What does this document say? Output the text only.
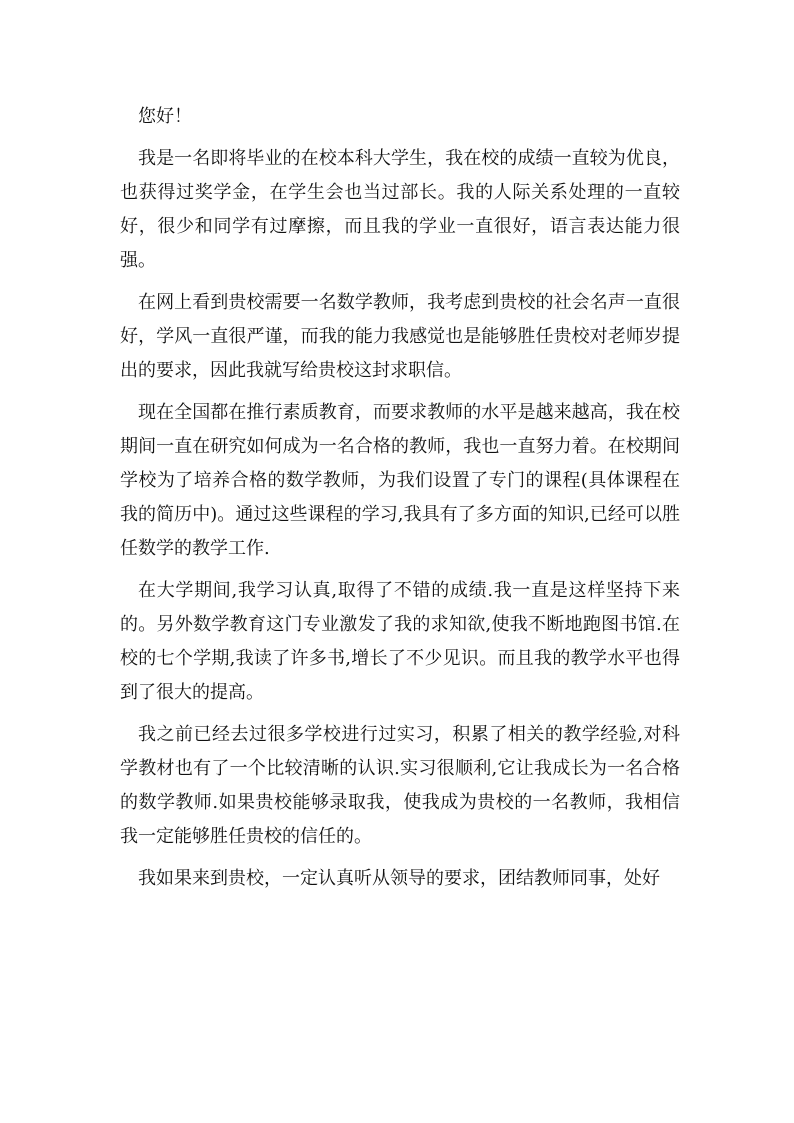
您好！

我是一名即将毕业的在校本科大学生，我在校的成绩一直较为优良，也获得过奖学金，在学生会也当过部长。我的人际关系处理的一直较好，很少和同学有过摩擦，而且我的学业一直很好，语言表达能力很强。

在网上看到贵校需要一名数学教师，我考虑到贵校的社会名声一直很好，学风一直很严谨，而我的能力我感觉也是能够胜任贵校对老师岁提出的要求，因此我就写给贵校这封求职信。

现在全国都在推行素质教育，而要求教师的水平是越来越高，我在校期间一直在研究如何成为一名合格的教师，我也一直努力着。在校期间学校为了培养合格的数学教师，为我们设置了专门的课程(具体课程在我的简历中)。通过这些课程的学习,我具有了多方面的知识,已经可以胜任数学的教学工作.

在大学期间,我学习认真,取得了不错的成绩.我一直是这样坚持下来的。另外数学教育这门专业激发了我的求知欲,使我不断地跑图书馆.在校的七个学期,我读了许多书,增长了不少见识。而且我的教学水平也得到了很大的提高。

我之前已经去过很多学校进行过实习，积累了相关的教学经验,对科学教材也有了一个比较清晰的认识.实习很顺利,它让我成长为一名合格的数学教师.如果贵校能够录取我，使我成为贵校的一名教师，我相信我一定能够胜任贵校的信任的。

我如果来到贵校，一定认真听从领导的要求，团结教师同事，处好
